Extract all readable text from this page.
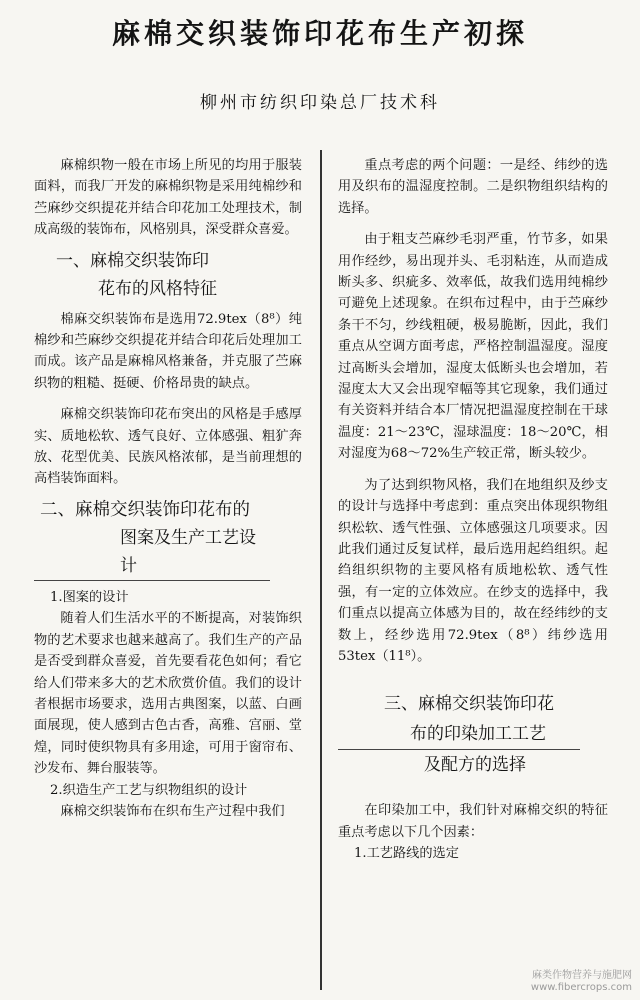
麻棉交织装饰印花布生产初探
柳州市纺织印染总厂技术科

麻棉织物一般在市场上所见的均用于服装面料，而我厂开发的麻棉织物是采用纯棉纱和苎麻纱交织提花并结合印花加工处理技术，制成高级的装饰布，风格别具，深受群众喜爱。

一、麻棉交织装饰印
花布的风格特征

棉麻交织装饰布是选用72.9tex（8⁸）纯棉纱和苎麻纱交织提花并结合印花后处理加工而成。该产品是麻棉风格兼备，并克服了苎麻织物的粗糙、挺硬、价格昂贵的缺点。

麻棉交织装饰印花布突出的风格是手感厚实、质地松软、透气良好、立体感强、粗犷奔放、花型优美、民族风格浓郁，是当前理想的高档装饰面料。

二、麻棉交织装饰印花布的
图案及生产工艺设计

1.图案的设计

随着人们生活水平的不断提高，对装饰织物的艺术要求也越来越高了。我们生产的产品是否受到群众喜爱，首先要看花色如何；看它给人们带来多大的艺术欣赏价值。我们的设计者根据市场要求，选用古典图案，以蓝、白画面展现，使人感到古色古香，高雅、宫丽、堂煌，同时使织物具有多用途，可用于窗帘布、沙发布、舞台服装等。

2.织造生产工艺与织物组织的设计

麻棉交织装饰布在织布生产过程中我们

重点考虑的两个问题：一是经、纬纱的选用及织布的温湿度控制。二是织物组织结构的选择。

由于粗支苎麻纱毛羽严重，竹节多，如果用作经纱，易出现并头、毛羽粘连，从而造成断头多、织疵多、效率低，故我们选用纯棉纱可避免上述现象。在织布过程中，由于苎麻纱条干不匀，纱线粗硬，极易脆断，因此，我们重点从空调方面考虑，严格控制温湿度。湿度过高断头会增加，湿度太低断头也会增加，若湿度太大又会出现窄幅等其它现象，我们通过有关资料并结合本厂情况把温湿度控制在干球温度：21～23℃，湿球温度：18～20℃，相对湿度为68～72%生产较正常，断头较少。

为了达到织物风格，我们在地组织及纱支的设计与选择中考虑到：重点突出体现织物组织松软、透气性强、立体感强这几项要求。因此我们通过反复试样，最后选用起绉组织。起绉组织织物的主要风格有质地松软、透气性强，有一定的立体效应。在纱支的选择中，我们重点以提高立体感为目的，故在经纬纱的支数上，经纱选用72.9tex（8⁸）纬纱选用53tex（11⁸）。

三、麻棉交织装饰印花
布的印染加工工艺
及配方的选择

在印染加工中，我们针对麻棉交织的特征重点考虑以下几个因素：

1.工艺路线的选定

麻类作物营养与施肥网
www.fibercrops.com
